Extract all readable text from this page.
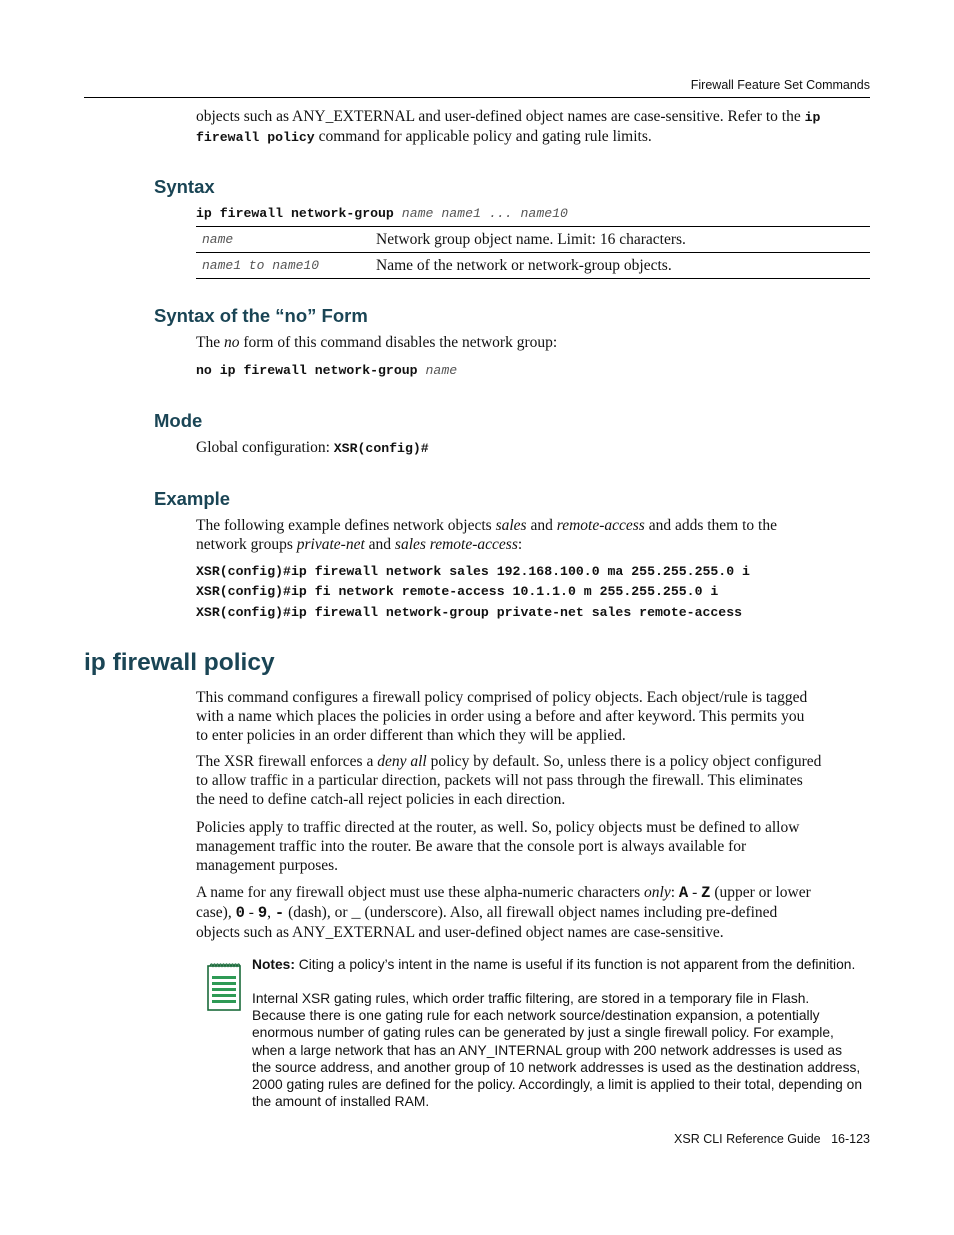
Firewall Feature Set Commands
objects such as ANY_EXTERNAL and user-defined object names are case-sensitive. Refer to the ip
firewall policy command for applicable policy and gating rule limits.
Syntax
ip firewall network-group name name1 ... name10
name	Network group object name. Limit: 16 characters.
name1 to name10	Name of the network or network-group objects.
Syntax of the “no” Form
The no form of this command disables the network group:
no ip firewall network-group name
Mode
Global configuration: XSR(config)#
Example
The following example defines network objects sales and remote-access and adds them to the
network groups private-net and sales remote-access:
XSR(config)#ip firewall network sales 192.168.100.0 ma 255.255.255.0 i
XSR(config)#ip fi network remote-access 10.1.1.0 m 255.255.255.0 i
XSR(config)#ip firewall network-group private-net sales remote-access
ip firewall policy
This command configures a firewall policy comprised of policy objects. Each object/rule is tagged
with a name which places the policies in order using a before and after keyword. This permits you
to enter policies in an order different than which they will be applied.
The XSR firewall enforces a deny all policy by default. So, unless there is a policy object configured
to allow traffic in a particular direction, packets will not pass through the firewall. This eliminates
the need to define catch-all reject policies in each direction.
Policies apply to traffic directed at the router, as well. So, policy objects must be defined to allow
management traffic into the router. Be aware that the console port is always available for
management purposes.
A name for any firewall object must use these alpha-numeric characters only: A - Z (upper or lower
case), 0 - 9, - (dash), or _ (underscore). Also, all firewall object names including pre-defined
objects such as ANY_EXTERNAL and user-defined object names are case-sensitive.
Notes: Citing a policy’s intent in the name is useful if its function is not apparent from the definition.
Internal XSR gating rules, which order traffic filtering, are stored in a temporary file in Flash.
Because there is one gating rule for each network source/destination expansion, a potentially
enormous number of gating rules can be generated by just a single firewall policy. For example,
when a large network that has an ANY_INTERNAL group with 200 network addresses is used as
the source address, and another group of 10 network addresses is used as the destination address,
2000 gating rules are defined for the policy. Accordingly, a limit is applied to their total, depending on
the amount of installed RAM.
XSR CLI Reference Guide 16-123
